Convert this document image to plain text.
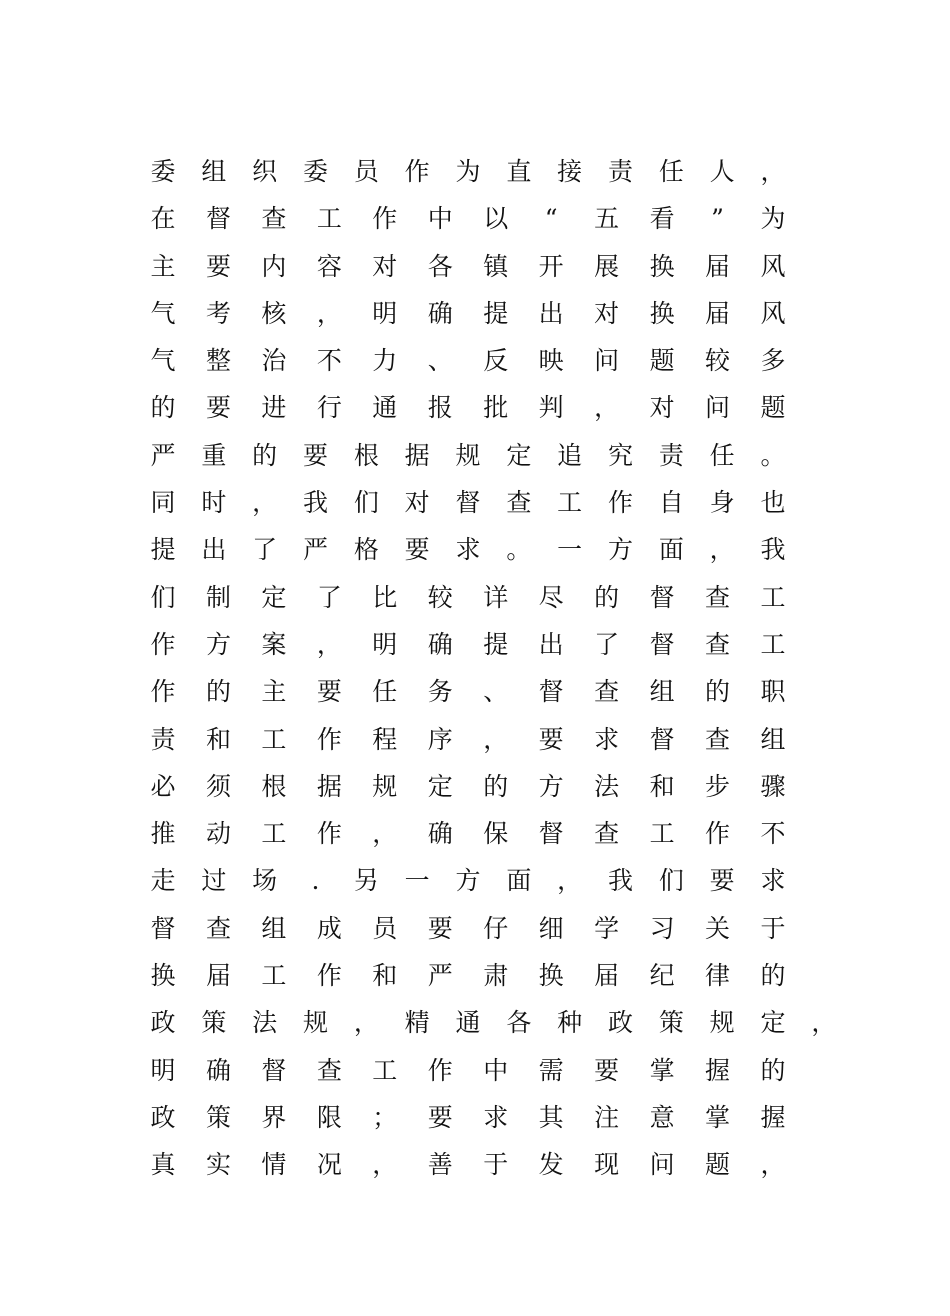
委 组 织 委 员 作 为 直 接 责 任 人 ，
在 督 查 工 作 中 以	“	五 看	”	为
主 要 内 容 对 各 镇 开 展 换 届 风
气 考 核 ， 明 确 提 出 对 换 届 风
气 整 治 不 力 、 反 映 问 题 较 多
的 要 进 行 通 报 批 判 ， 对 问 题
严 重 的 要 根 据 规 定 追 究 责 任 。
同 时 ， 我 们 对 督 查 工 作 自 身 也
提 出 了 严 格 要 求 。 一 方 面 ， 我
们 制 定 了 比 较 详 尽 的 督 查 工
作 方 案 ， 明 确 提 出 了 督 查 工
作 的 主 要 任 务 、 督 查 组 的 职
责 和 工 作 程 序 ， 要 求 督 查 组
必 须 根 据 规 定 的 方 法 和 步 骤
推 动 工 作 ， 确 保 督 查 工 作 不
走 过 场	.	另 一 方 面 ， 我 们 要 求
督 查 组 成 员 要 仔 细 学 习 关 于
换 届 工 作 和 严 肃 换 届 纪 律 的
政 策 法 规 ， 精 通 各 种 政 策 规 定 ，
明 确 督 查 工 作 中 需 要 掌 握 的
政 策 界 限 ； 要 求 其 注 意 掌 握
真 实 情 况 ， 善 于 发 现 问 题 ，
